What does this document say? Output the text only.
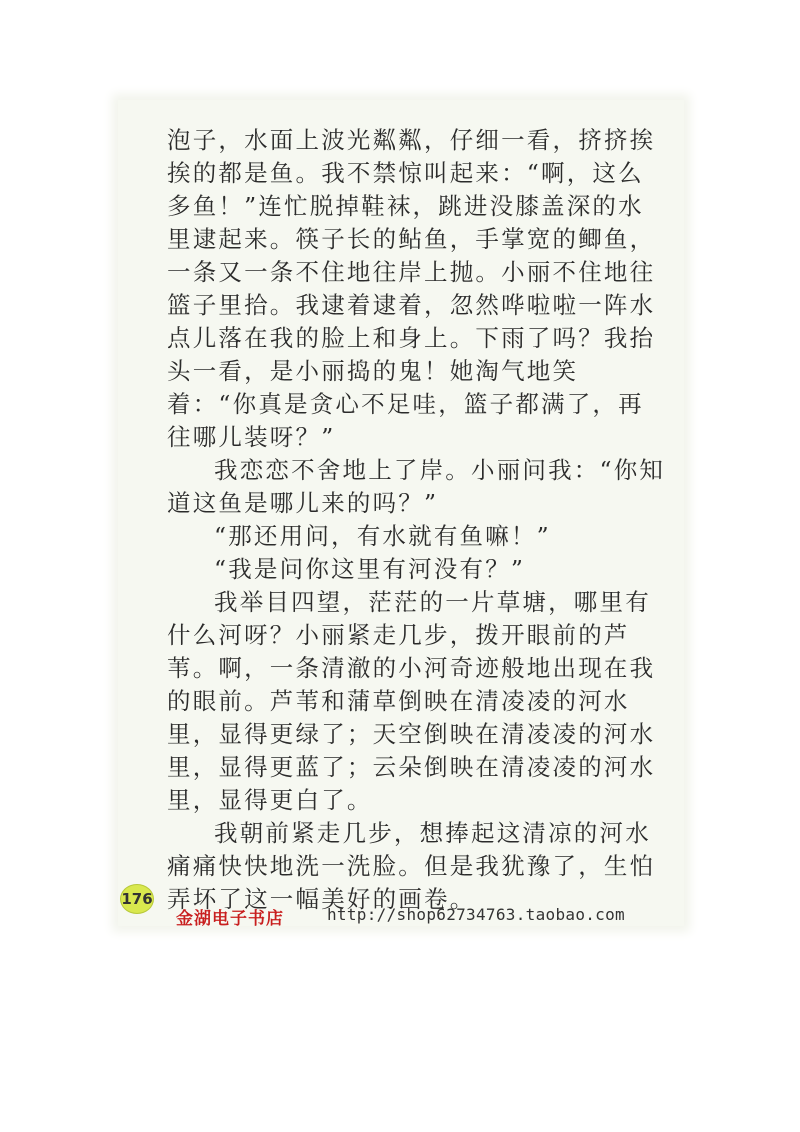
泡子，水面上波光粼粼，仔细一看，挤挤挨挨的都是鱼。我不禁惊叫起来：“啊，这么多鱼！”连忙脱掉鞋袜，跳进没膝盖深的水里逮起来。筷子长的鲇鱼，手掌宽的鲫鱼，一条又一条不住地往岸上抛。小丽不住地往篮子里拾。我逮着逮着，忽然哗啦啦一阵水点儿落在我的脸上和身上。下雨了吗？我抬头一看，是小丽捣的鬼！她淘气地笑着：“你真是贪心不足哇，篮子都满了，再往哪儿装呀？”

我恋恋不舍地上了岸。小丽问我：“你知道这鱼是哪儿来的吗？”

“那还用问，有水就有鱼嘛！”

“我是问你这里有河没有？”

我举目四望，茫茫的一片草塘，哪里有什么河呀？小丽紧走几步，拨开眼前的芦苇。啊，一条清澈的小河奇迹般地出现在我的眼前。芦苇和蒲草倒映在清凌凌的河水里，显得更绿了；天空倒映在清凌凌的河水里，显得更蓝了；云朵倒映在清凌凌的河水里，显得更白了。

我朝前紧走几步，想捧起这清凉的河水痛痛快快地洗一洗脸。但是我犹豫了，生怕弄坏了这一幅美好的画卷。

176
金湖电子书店	http://shop62734763.taobao.com
